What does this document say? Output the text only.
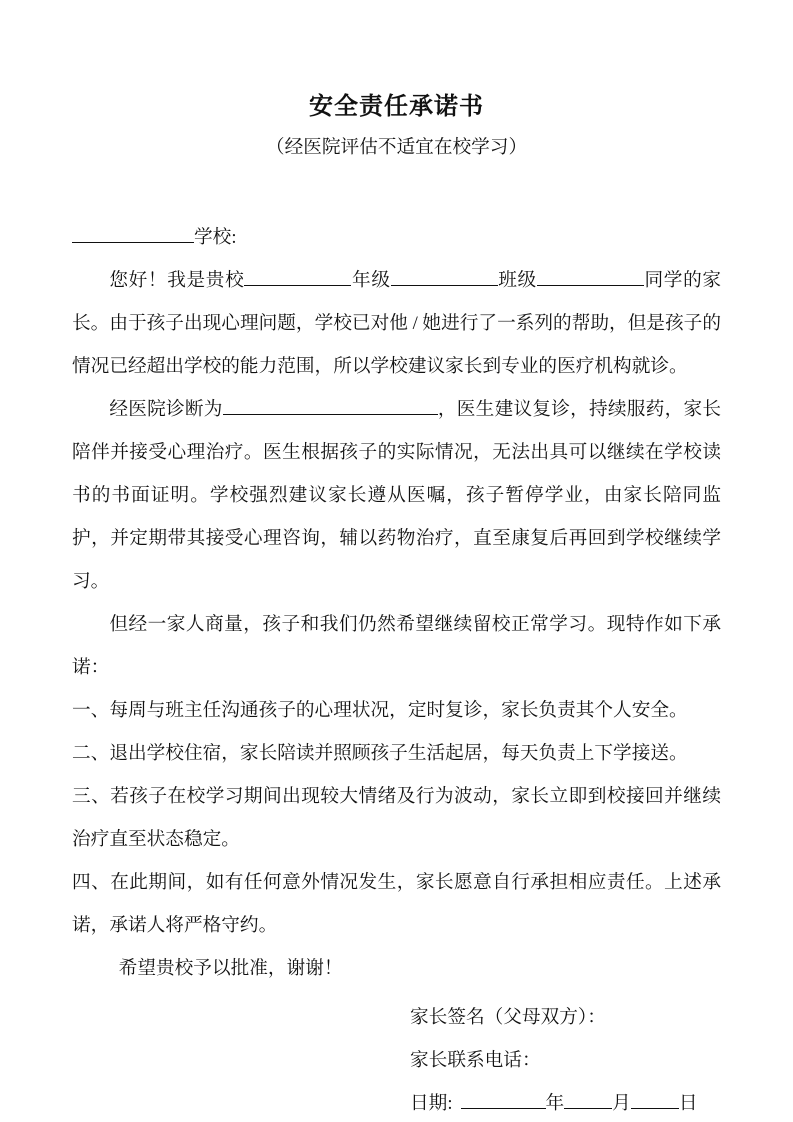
安全责任承诺书
（经医院评估不适宜在校学习）

学校:

您好！我是贵校	年级	班级	同学的家长。由于孩子出现心理问题，学校已对他 / 她进行了一系列的帮助，但是孩子的情况已经超出学校的能力范围，所以学校建议家长到专业的医疗机构就诊。

经医院诊断为	，医生建议复诊，持续服药，家长陪伴并接受心理治疗。医生根据孩子的实际情况，无法出具可以继续在学校读书的书面证明。学校强烈建议家长遵从医嘱，孩子暂停学业，由家长陪同监护，并定期带其接受心理咨询，辅以药物治疗，直至康复后再回到学校继续学习。

但经一家人商量，孩子和我们仍然希望继续留校正常学习。现特作如下承诺：

一、每周与班主任沟通孩子的心理状况，定时复诊，家长负责其个人安全。

二、退出学校住宿，家长陪读并照顾孩子生活起居，每天负责上下学接送。

三、若孩子在校学习期间出现较大情绪及行为波动，家长立即到校接回并继续治疗直至状态稳定。

四、在此期间，如有任何意外情况发生，家长愿意自行承担相应责任。上述承诺，承诺人将严格守约。

希望贵校予以批准，谢谢！

家长签名（父母双方）：

家长联系电话：

日期:	年	月	日
